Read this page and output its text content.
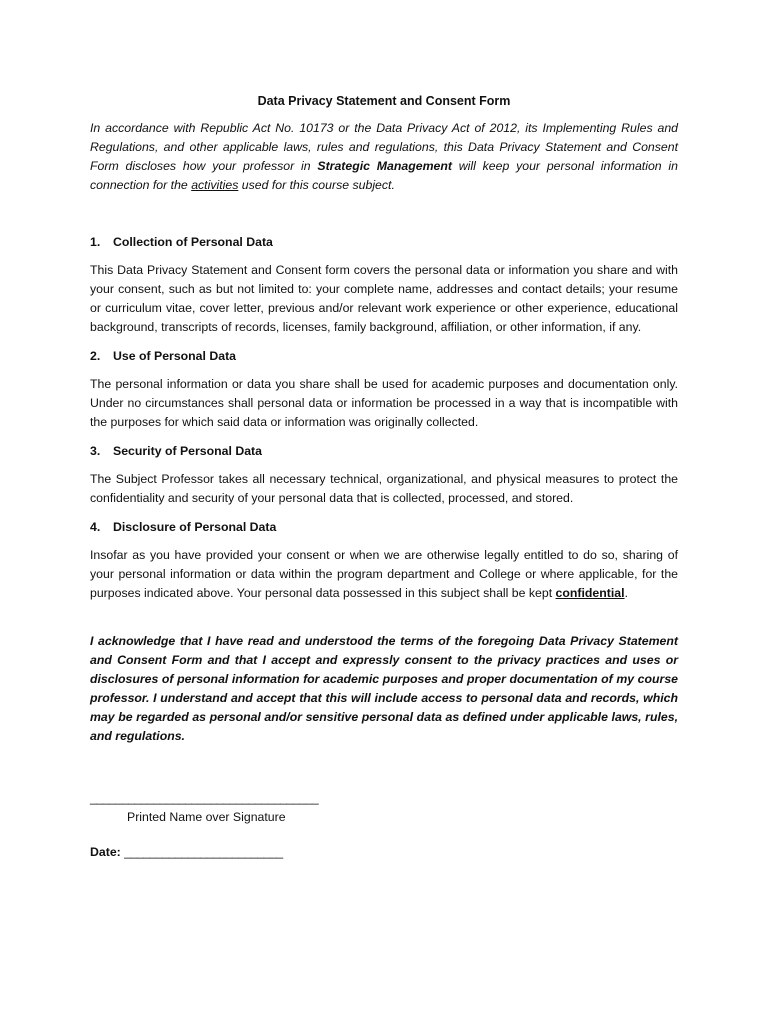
Data Privacy Statement and Consent Form

In accordance with Republic Act No. 10173 or the Data Privacy Act of 2012, its Implementing Rules and Regulations, and other applicable laws, rules and regulations, this Data Privacy Statement and Consent Form discloses how your professor in Strategic Management will keep your personal information in connection for the activities used for this course subject.

1. Collection of Personal Data

This Data Privacy Statement and Consent form covers the personal data or information you share and with your consent, such as but not limited to: your complete name, addresses and contact details; your resume or curriculum vitae, cover letter, previous and/or relevant work experience or other experience, educational background, transcripts of records, licenses, family background, affiliation, or other information, if any.

2. Use of Personal Data

The personal information or data you share shall be used for academic purposes and documentation only. Under no circumstances shall personal data or information be processed in a way that is incompatible with the purposes for which said data or information was originally collected.

3. Security of Personal Data

The Subject Professor takes all necessary technical, organizational, and physical measures to protect the confidentiality and security of your personal data that is collected, processed, and stored.

4. Disclosure of Personal Data

Insofar as you have provided your consent or when we are otherwise legally entitled to do so, sharing of your personal information or data within the program department and College or where applicable, for the purposes indicated above. Your personal data possessed in this subject shall be kept confidential.

I acknowledge that I have read and understood the terms of the foregoing Data Privacy Statement and Consent Form and that I accept and expressly consent to the privacy practices and uses or disclosures of personal information for academic purposes and proper documentation of my course professor. I understand and accept that this will include access to personal data and records, which may be regarded as personal and/or sensitive personal data as defined under applicable laws, rules, and regulations.

____________________________________

Printed Name over Signature

Date: _________________________
